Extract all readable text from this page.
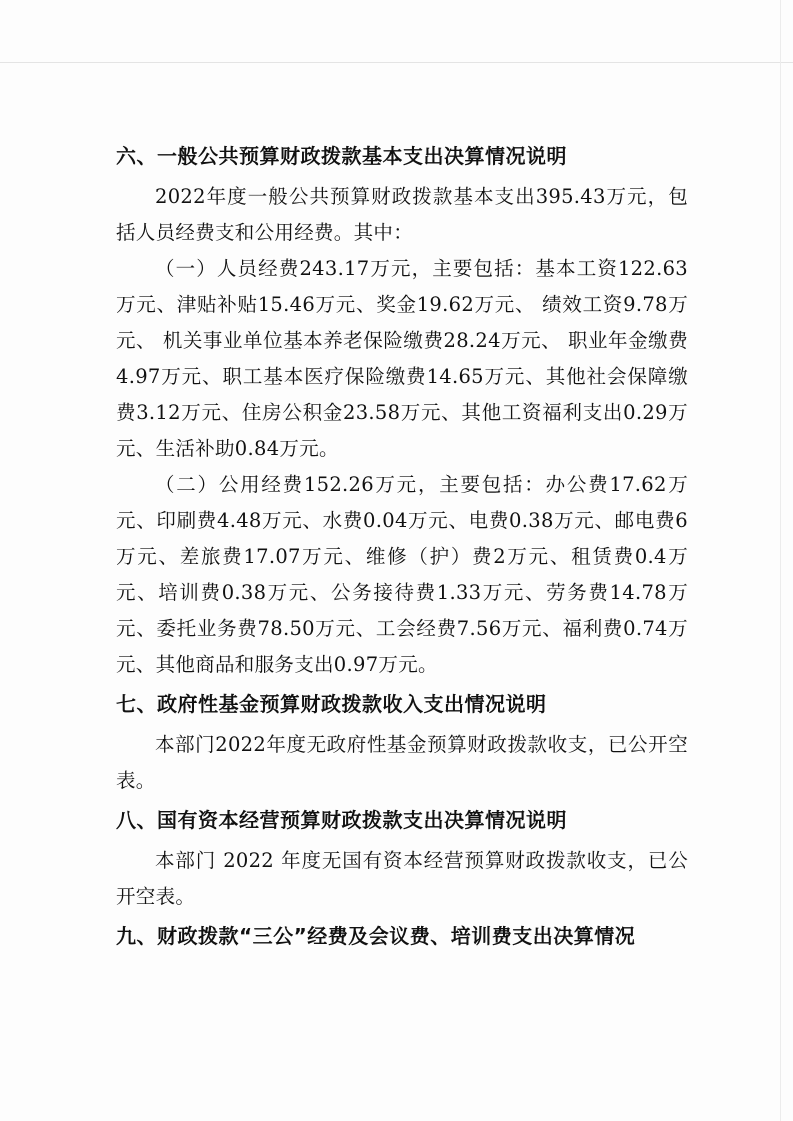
六、一般公共预算财政拨款基本支出决算情况说明

2022年度一般公共预算财政拨款基本支出395.43万元，包括人员经费支和公用经费。其中：

（一）人员经费243.17万元，主要包括：基本工资122.63万元、津贴补贴15.46万元、奖金19.62万元、 绩效工资9.78万元、 机关事业单位基本养老保险缴费28.24万元、 职业年金缴费4.97万元、职工基本医疗保险缴费14.65万元、其他社会保障缴费3.12万元、住房公积金23.58万元、其他工资福利支出0.29万元、生活补助0.84万元。

（二）公用经费152.26万元，主要包括：办公费17.62万元、印刷费4.48万元、水费0.04万元、电费0.38万元、邮电费6万元、差旅费17.07万元、维修（护）费2万元、租赁费0.4万元、培训费0.38万元、公务接待费1.33万元、劳务费14.78万元、委托业务费78.50万元、工会经费7.56万元、福利费0.74万元、其他商品和服务支出0.97万元。

七、政府性基金预算财政拨款收入支出情况说明

本部门2022年度无政府性基金预算财政拨款收支，已公开空表。

八、国有资本经营预算财政拨款支出决算情况说明

本部门 2022 年度无国有资本经营预算财政拨款收支，已公开空表。

九、财政拨款“三公”经费及会议费、培训费支出决算情况
